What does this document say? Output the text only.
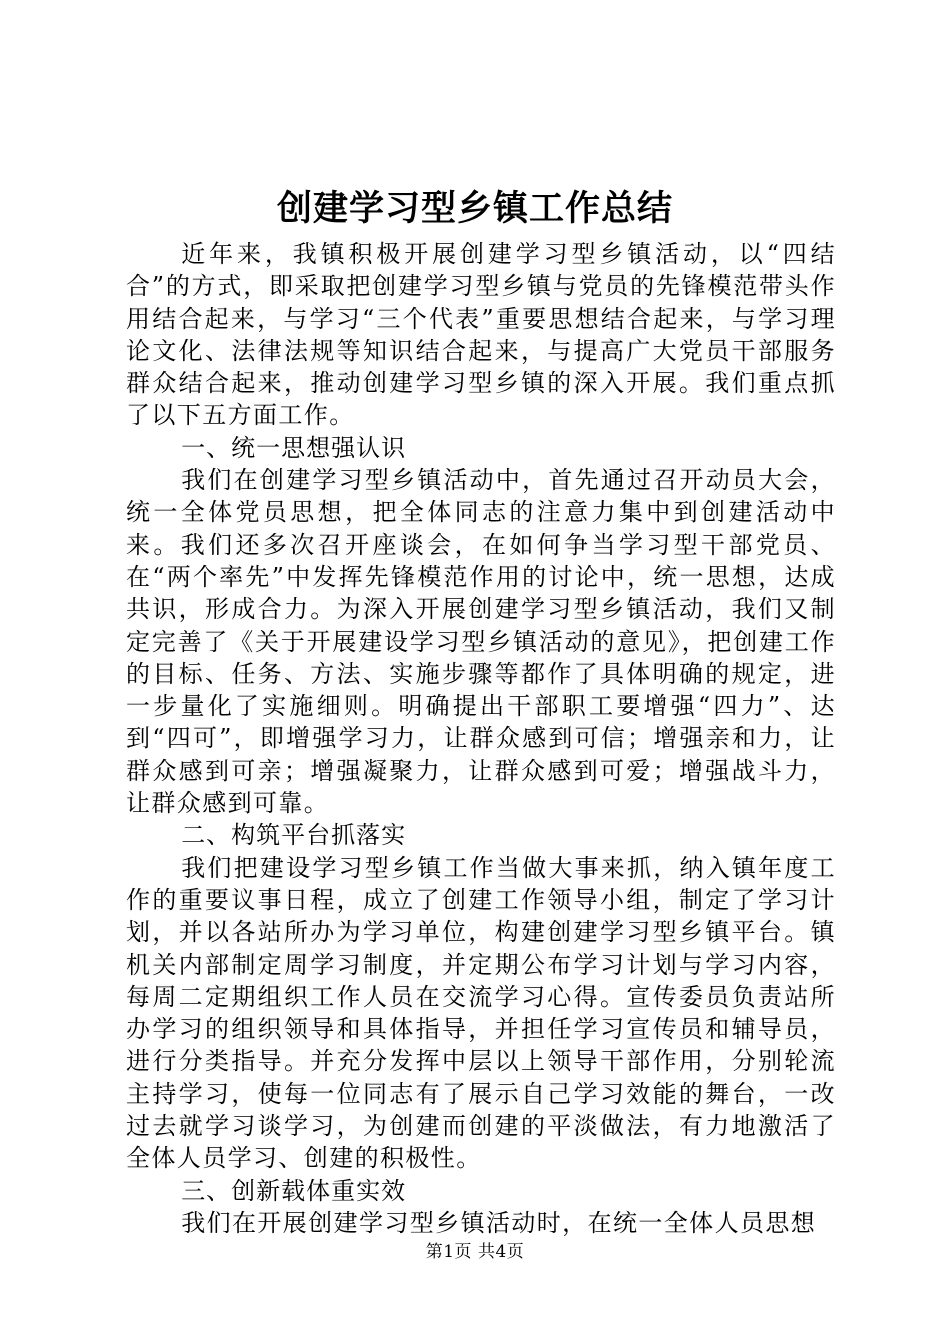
创建学习型乡镇工作总结

近年来，我镇积极开展创建学习型乡镇活动，以“四结合”的方式，即采取把创建学习型乡镇与党员的先锋模范带头作用结合起来，与学习“三个代表”重要思想结合起来，与学习理论文化、法律法规等知识结合起来，与提高广大党员干部服务群众结合起来，推动创建学习型乡镇的深入开展。我们重点抓了以下五方面工作。

一、统一思想强认识

我们在创建学习型乡镇活动中，首先通过召开动员大会，统一全体党员思想，把全体同志的注意力集中到创建活动中来。我们还多次召开座谈会，在如何争当学习型干部党员、在“两个率先”中发挥先锋模范作用的讨论中，统一思想，达成共识，形成合力。为深入开展创建学习型乡镇活动，我们又制定完善了《关于开展建设学习型乡镇活动的意见》，把创建工作的目标、任务、方法、实施步骤等都作了具体明确的规定，进一步量化了实施细则。明确提出干部职工要增强“四力”、达到“四可”，即增强学习力，让群众感到可信；增强亲和力，让群众感到可亲；增强凝聚力，让群众感到可爱；增强战斗力，让群众感到可靠。

二、构筑平台抓落实

我们把建设学习型乡镇工作当做大事来抓，纳入镇年度工作的重要议事日程，成立了创建工作领导小组，制定了学习计划，并以各站所办为学习单位，构建创建学习型乡镇平台。镇机关内部制定周学习制度，并定期公布学习计划与学习内容，每周二定期组织工作人员在交流学习心得。宣传委员负责站所办学习的组织领导和具体指导，并担任学习宣传员和辅导员，进行分类指导。并充分发挥中层以上领导干部作用，分别轮流主持学习，使每一位同志有了展示自己学习效能的舞台，一改过去就学习谈学习，为创建而创建的平淡做法，有力地激活了全体人员学习、创建的积极性。

三、创新载体重实效

我们在开展创建学习型乡镇活动时，在统一全体人员思想

第1页 共4页
